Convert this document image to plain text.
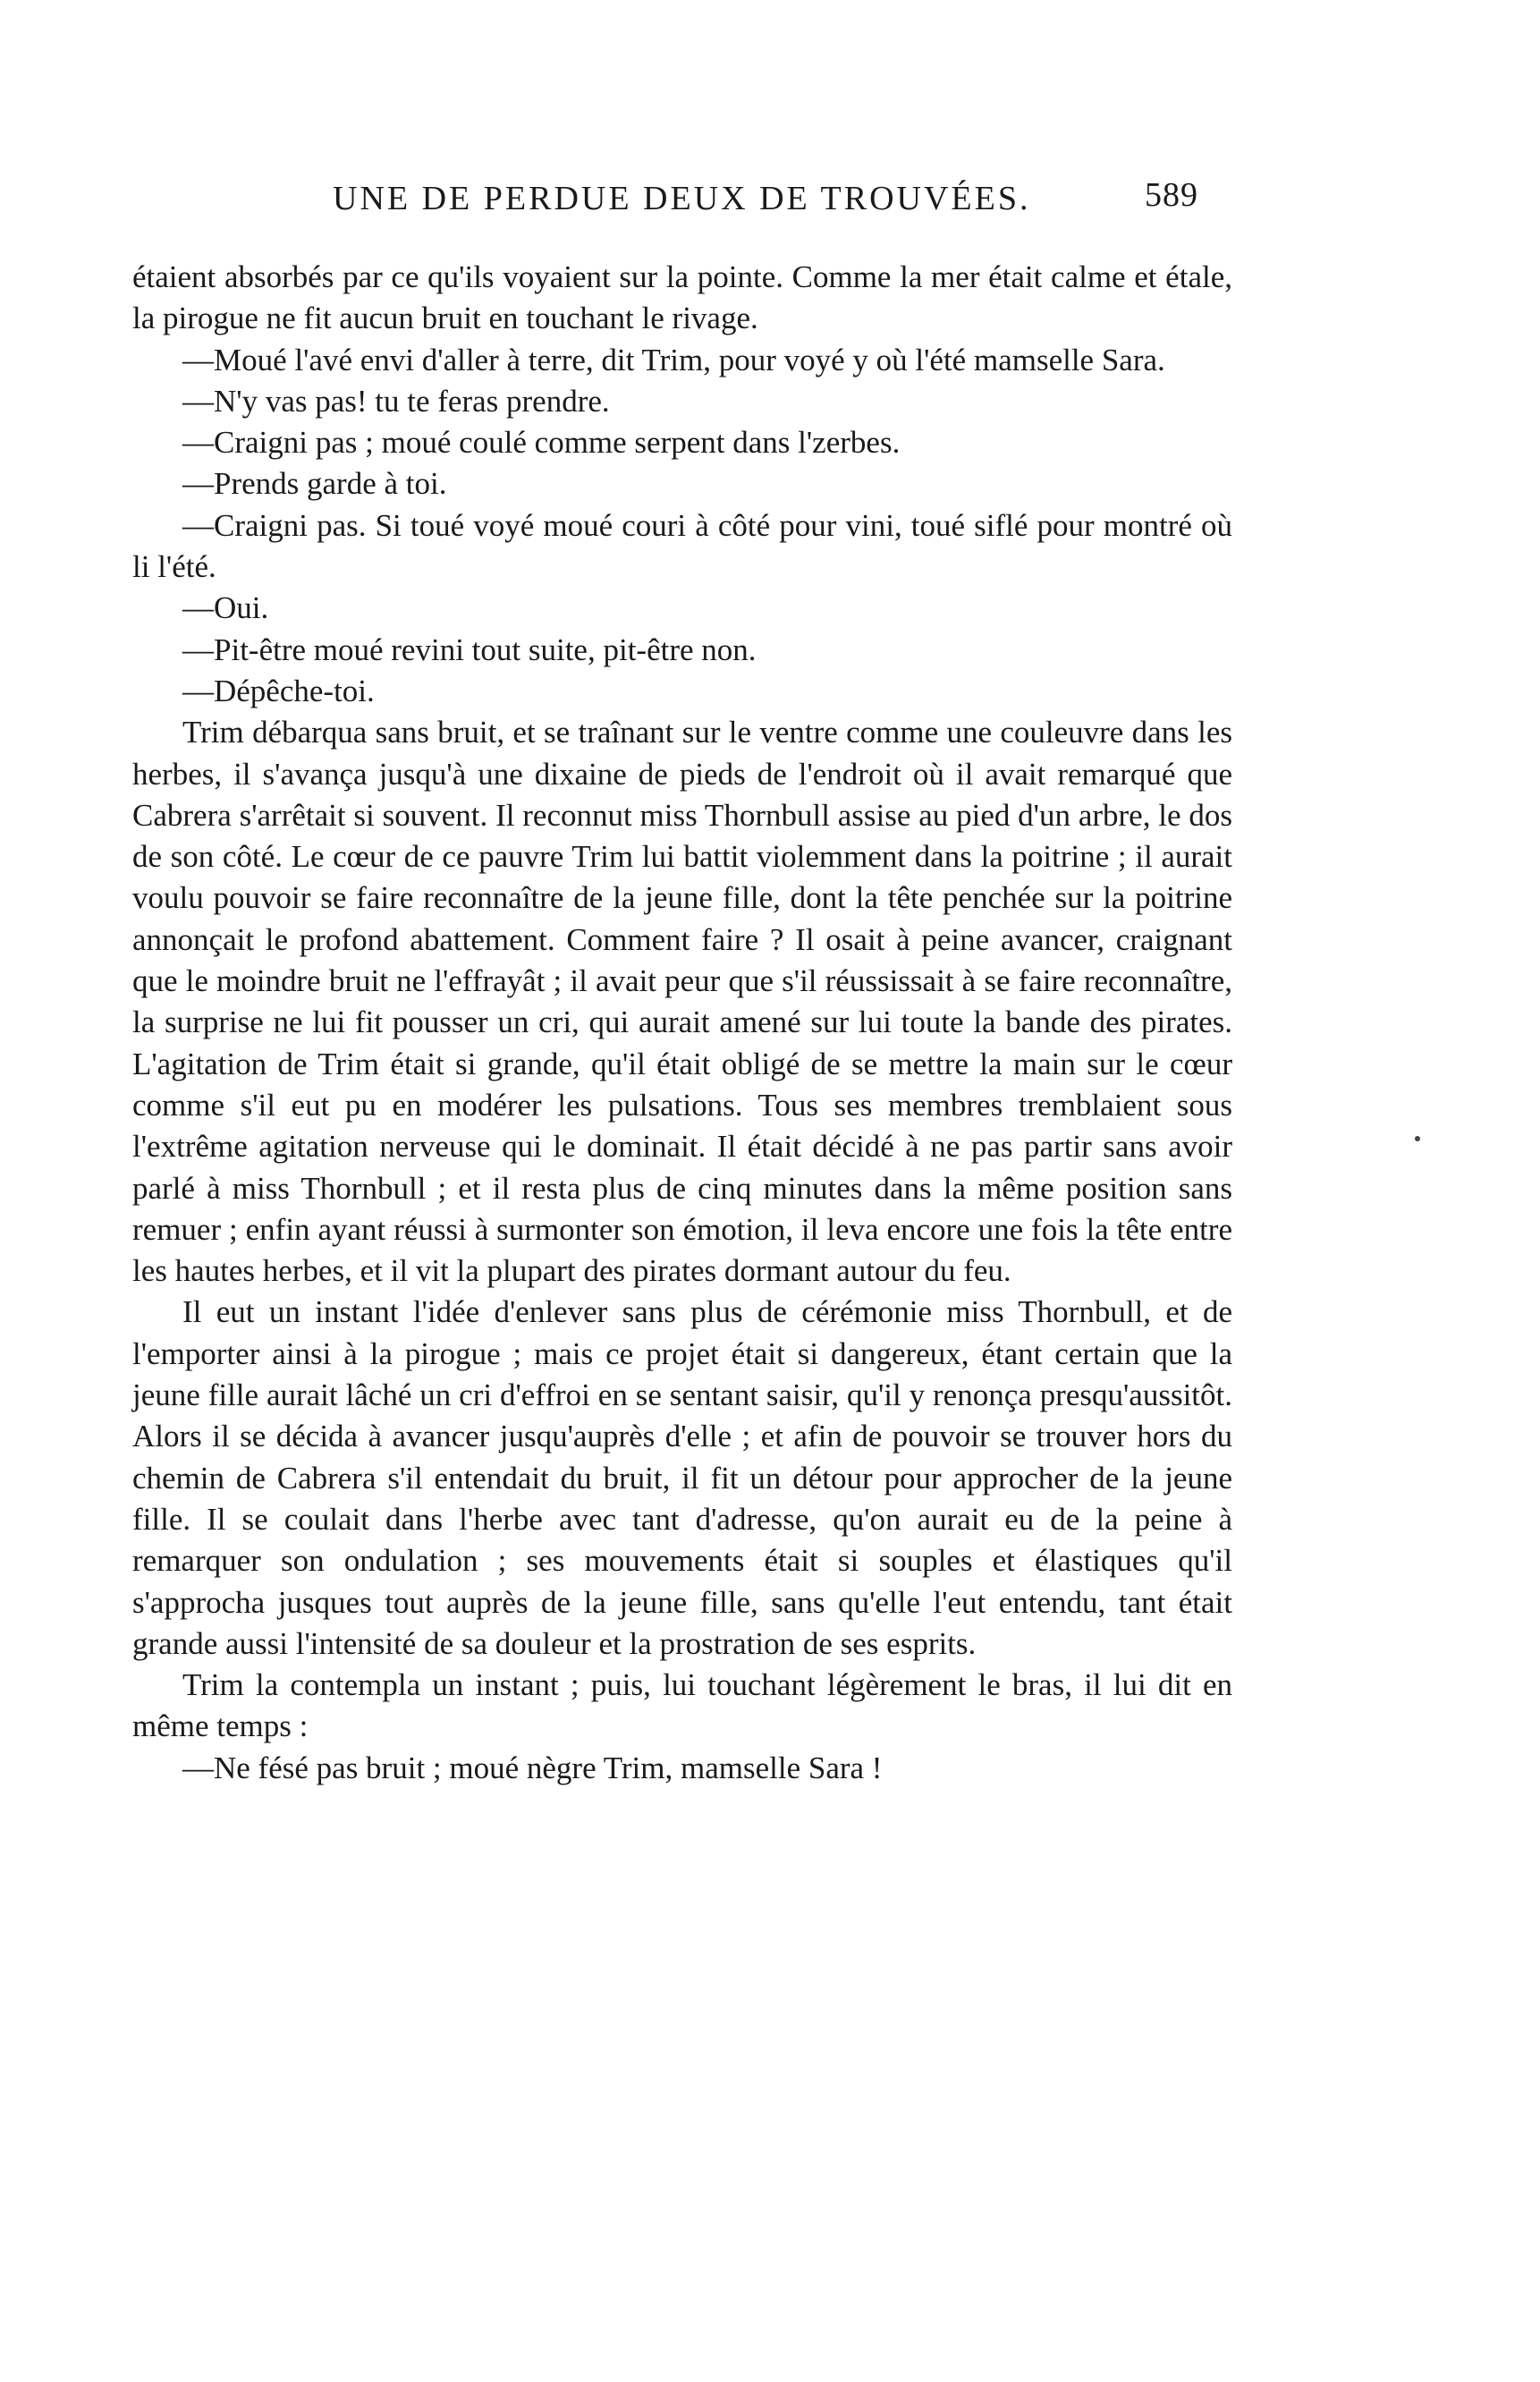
UNE DE PERDUE DEUX DE TROUVÉES.	589

étaient absorbés par ce qu'ils voyaient sur la pointe. Comme la mer était calme et étale, la pirogue ne fit aucun bruit en touchant le rivage.

—Moué l'avé envi d'aller à terre, dit Trim, pour voyé y où l'été mamselle Sara.

—N'y vas pas! tu te feras prendre.

—Craigni pas ; moué coulé comme serpent dans l'zerbes.

—Prends garde à toi.

—Craigni pas. Si toué voyé moué couri à côté pour vini, toué siflé pour montré où li l'été.

—Oui.

—Pit-être moué revini tout suite, pit-être non.

—Dépêche-toi.

Trim débarqua sans bruit, et se traînant sur le ventre comme une couleuvre dans les herbes, il s'avança jusqu'à une dixaine de pieds de l'endroit où il avait remarqué que Cabrera s'arrêtait si souvent. Il reconnut miss Thornbull assise au pied d'un arbre, le dos de son côté. Le cœur de ce pauvre Trim lui battit violemment dans la poitrine ; il aurait voulu pouvoir se faire reconnaître de la jeune fille, dont la tête penchée sur la poitrine annonçait le profond abattement. Comment faire ? Il osait à peine avancer, craignant que le moindre bruit ne l'effrayât ; il avait peur que s'il réussissait à se faire reconnaître, la surprise ne lui fit pousser un cri, qui aurait amené sur lui toute la bande des pirates. L'agitation de Trim était si grande, qu'il était obligé de se mettre la main sur le cœur comme s'il eut pu en modérer les pulsations. Tous ses membres tremblaient sous l'extrême agitation nerveuse qui le dominait. Il était décidé à ne pas partir sans avoir parlé à miss Thornbull ; et il resta plus de cinq minutes dans la même position sans remuer ; enfin ayant réussi à surmonter son émotion, il leva encore une fois la tête entre les hautes herbes, et il vit la plupart des pirates dormant autour du feu.

Il eut un instant l'idée d'enlever sans plus de cérémonie miss Thornbull, et de l'emporter ainsi à la pirogue ; mais ce projet était si dangereux, étant certain que la jeune fille aurait lâché un cri d'effroi en se sentant saisir, qu'il y renonça presqu'aussitôt. Alors il se décida à avancer jusqu'auprès d'elle ; et afin de pouvoir se trouver hors du chemin de Cabrera s'il entendait du bruit, il fit un détour pour approcher de la jeune fille. Il se coulait dans l'herbe avec tant d'adresse, qu'on aurait eu de la peine à remarquer son ondulation ; ses mouvements était si souples et élastiques qu'il s'approcha jusques tout auprès de la jeune fille, sans qu'elle l'eut entendu, tant était grande aussi l'intensité de sa douleur et la prostration de ses esprits.

Trim la contempla un instant ; puis, lui touchant légèrement le bras, il lui dit en même temps :

—Ne fésé pas bruit ; moué nègre Trim, mamselle Sara !
